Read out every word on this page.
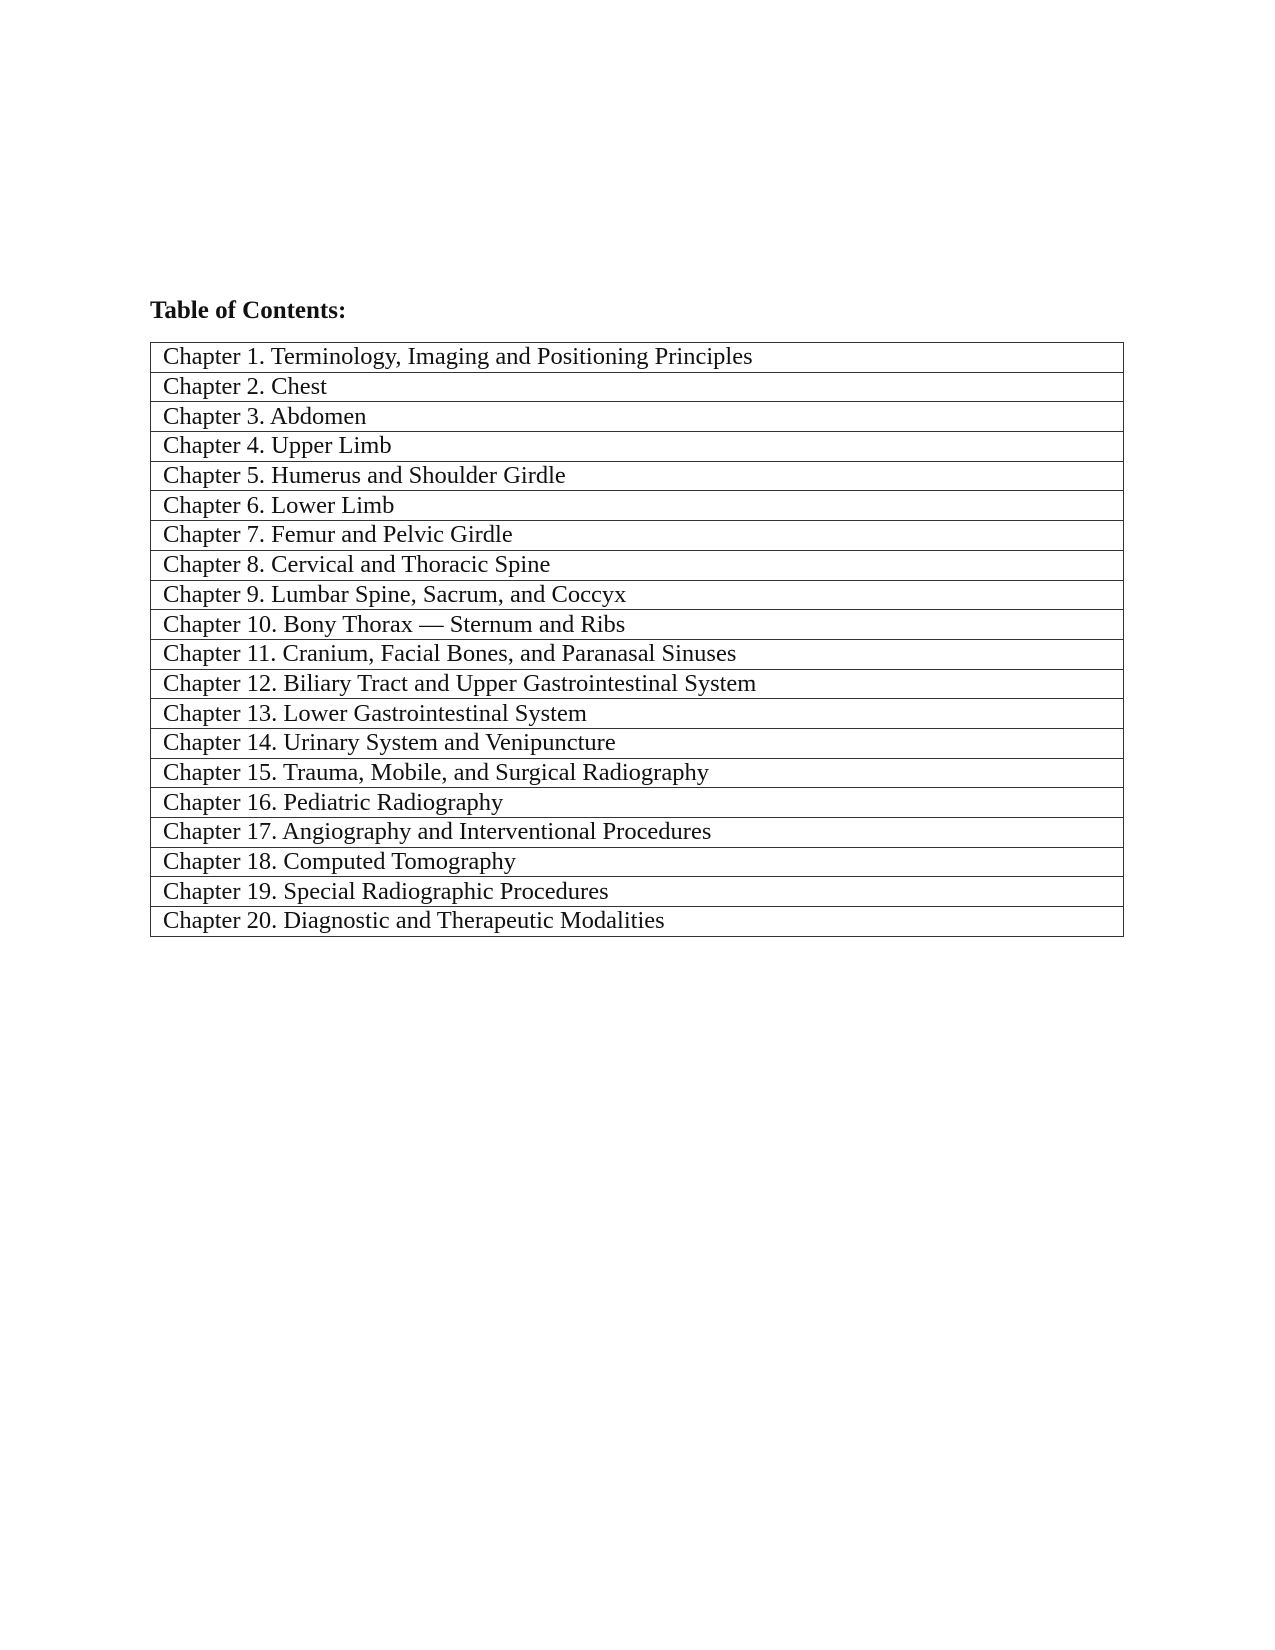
Table of Contents:
Chapter 1. Terminology, Imaging and Positioning Principles
Chapter 2. Chest
Chapter 3. Abdomen
Chapter 4. Upper Limb
Chapter 5. Humerus and Shoulder Girdle
Chapter 6. Lower Limb
Chapter 7. Femur and Pelvic Girdle
Chapter 8. Cervical and Thoracic Spine
Chapter 9. Lumbar Spine, Sacrum, and Coccyx
Chapter 10. Bony Thorax — Sternum and Ribs
Chapter 11. Cranium, Facial Bones, and Paranasal Sinuses
Chapter 12. Biliary Tract and Upper Gastrointestinal System
Chapter 13. Lower Gastrointestinal System
Chapter 14. Urinary System and Venipuncture
Chapter 15. Trauma, Mobile, and Surgical Radiography
Chapter 16. Pediatric Radiography
Chapter 17. Angiography and Interventional Procedures
Chapter 18. Computed Tomography
Chapter 19. Special Radiographic Procedures
Chapter 20. Diagnostic and Therapeutic Modalities
